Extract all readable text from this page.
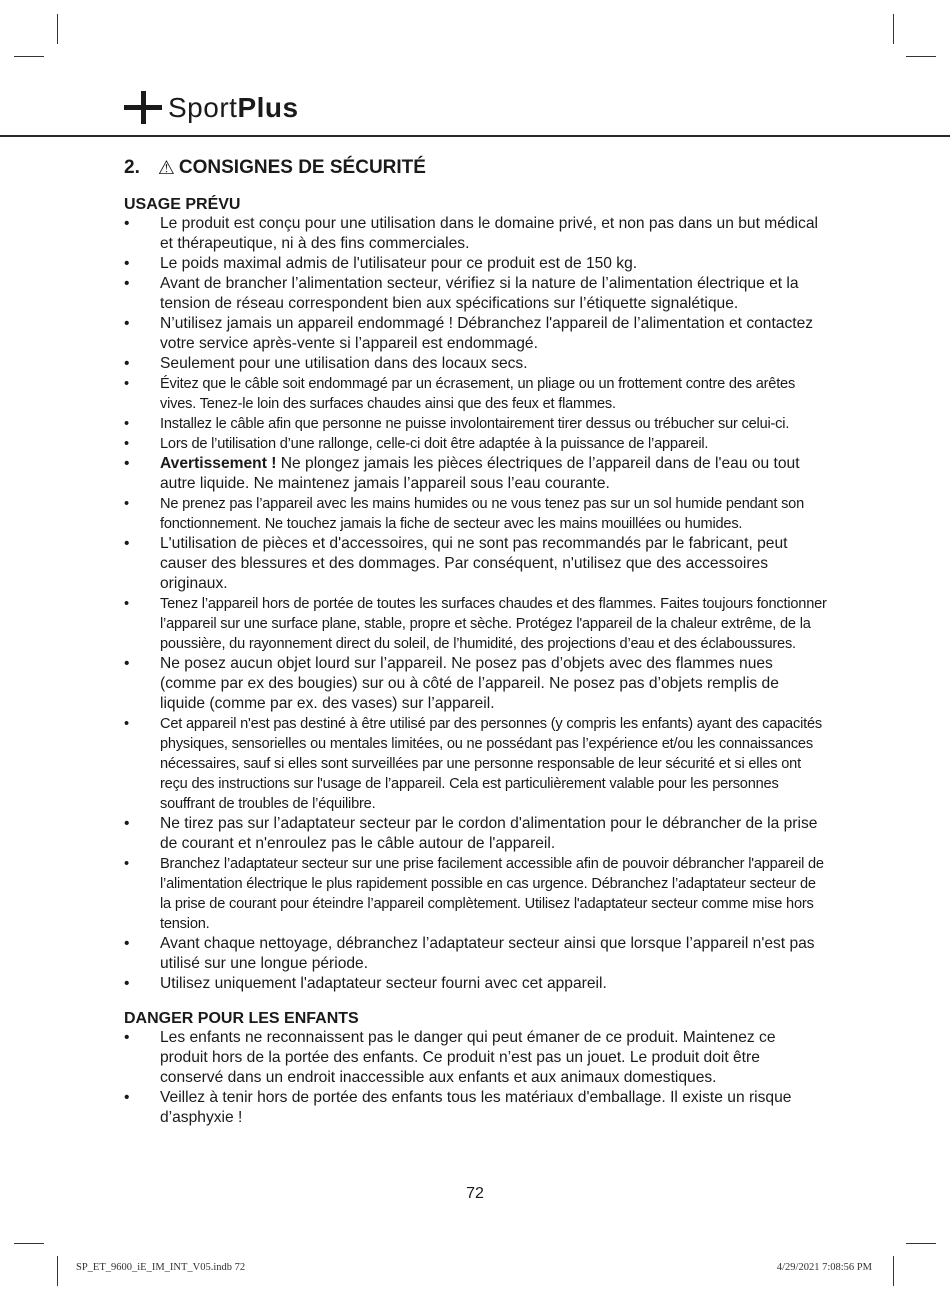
SportPlus
2. ⚠ CONSIGNES DE SÉCURITÉ
USAGE PRÉVU
• Le produit est conçu pour une utilisation dans le domaine privé, et non pas dans un but médical et thérapeutique, ni à des fins commerciales.
• Le poids maximal admis de l'utilisateur pour ce produit est de 150 kg.
• Avant de brancher l’alimentation secteur, vérifiez si la nature de l’alimentation électrique et la tension de réseau correspondent bien aux spécifications sur l’étiquette signalétique.
• N’utilisez jamais un appareil endommagé ! Débranchez l'appareil de l’alimentation et contactez votre service après-vente si l’appareil est endommagé.
• Seulement pour une utilisation dans des locaux secs.
• Évitez que le câble soit endommagé par un écrasement, un pliage ou un frottement contre des arêtes vives. Tenez-le loin des surfaces chaudes ainsi que des feux et flammes.
• Installez le câble afin que personne ne puisse involontairement tirer dessus ou trébucher sur celui-ci.
• Lors de l’utilisation d’une rallonge, celle-ci doit être adaptée à la puissance de l’appareil.
• Avertissement ! Ne plongez jamais les pièces électriques de l’appareil dans de l'eau ou tout autre liquide. Ne maintenez jamais l’appareil sous l’eau courante.
• Ne prenez pas l’appareil avec les mains humides ou ne vous tenez pas sur un sol humide pendant son fonctionnement. Ne touchez jamais la fiche de secteur avec les mains mouillées ou humides.
• L'utilisation de pièces et d'accessoires, qui ne sont pas recommandés par le fabricant, peut causer des blessures et des dommages. Par conséquent, n'utilisez que des accessoires originaux.
• Tenez l’appareil hors de portée de toutes les surfaces chaudes et des flammes. Faites toujours fonctionner l’appareil sur une surface plane, stable, propre et sèche. Protégez l'appareil de la chaleur extrême, de la poussière, du rayonnement direct du soleil, de l’humidité, des projections d’eau et des éclaboussures.
• Ne posez aucun objet lourd sur l’appareil. Ne posez pas d’objets avec des flammes nues (comme par ex des bougies) sur ou à côté de l’appareil. Ne posez pas d’objets remplis de liquide (comme par ex. des vases) sur l’appareil.
• Cet appareil n'est pas destiné à être utilisé par des personnes (y compris les enfants) ayant des capacités physiques, sensorielles ou mentales limitées, ou ne possédant pas l’expérience et/ou les connaissances nécessaires, sauf si elles sont surveillées par une personne responsable de leur sécurité et si elles ont reçu des instructions sur l'usage de l’appareil. Cela est particulièrement valable pour les personnes souffrant de troubles de l’équilibre.
• Ne tirez pas sur l’adaptateur secteur par le cordon d'alimentation pour le débrancher de la prise de courant et n'enroulez pas le câble autour de l'appareil.
• Branchez l’adaptateur secteur sur une prise facilement accessible afin de pouvoir débrancher l'appareil de l’alimentation électrique le plus rapidement possible en cas urgence. Débranchez l’adaptateur secteur de la prise de courant pour éteindre l’appareil complètement. Utilisez l'adaptateur secteur comme mise hors tension.
• Avant chaque nettoyage, débranchez l’adaptateur secteur ainsi que lorsque l’appareil n'est pas utilisé sur une longue période.
• Utilisez uniquement l'adaptateur secteur fourni avec cet appareil.
DANGER POUR LES ENFANTS
• Les enfants ne reconnaissent pas le danger qui peut émaner de ce produit. Maintenez ce produit hors de la portée des enfants. Ce produit n’est pas un jouet. Le produit doit être conservé dans un endroit inaccessible aux enfants et aux animaux domestiques.
• Veillez à tenir hors de portée des enfants tous les matériaux d'emballage. Il existe un risque d’asphyxie !
72
SP_ET_9600_iE_IM_INT_V05.indb 72	4/29/2021 7:08:56 PM
